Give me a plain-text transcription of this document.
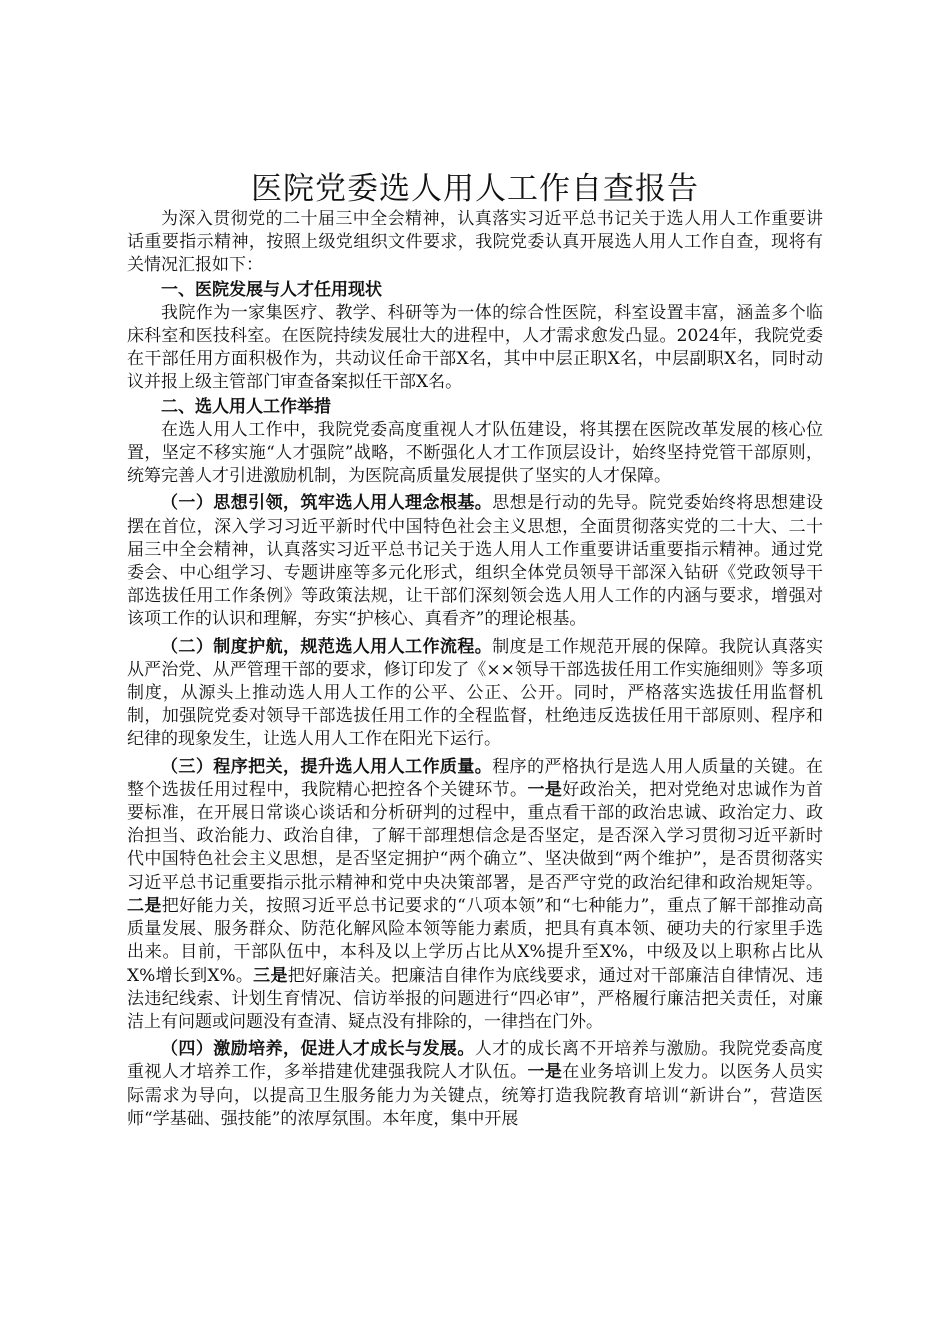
医院党委选人用人工作自查报告

为深入贯彻党的二十届三中全会精神，认真落实习近平总书记关于选人用人工作重要讲话重要指示精神，按照上级党组织文件要求，我院党委认真开展选人用人工作自查，现将有关情况汇报如下：

一、医院发展与人才任用现状

我院作为一家集医疗、教学、科研等为一体的综合性医院，科室设置丰富，涵盖多个临床科室和医技科室。在医院持续发展壮大的进程中，人才需求愈发凸显。2024年，我院党委在干部任用方面积极作为，共动议任命干部X名，其中中层正职X名，中层副职X名，同时动议并报上级主管部门审查备案拟任干部X名。

二、选人用人工作举措

在选人用人工作中，我院党委高度重视人才队伍建设，将其摆在医院改革发展的核心位置，坚定不移实施“人才强院”战略，不断强化人才工作顶层设计，始终坚持党管干部原则，统筹完善人才引进激励机制，为医院高质量发展提供了坚实的人才保障。

（一）思想引领，筑牢选人用人理念根基。思想是行动的先导。院党委始终将思想建设摆在首位，深入学习习近平新时代中国特色社会主义思想，全面贯彻落实党的二十大、二十届三中全会精神，认真落实习近平总书记关于选人用人工作重要讲话重要指示精神。通过党委会、中心组学习、专题讲座等多元化形式，组织全体党员领导干部深入钻研《党政领导干部选拔任用工作条例》等政策法规，让干部们深刻领会选人用人工作的内涵与要求，增强对该项工作的认识和理解，夯实“护核心、真看齐”的理论根基。

（二）制度护航，规范选人用人工作流程。制度是工作规范开展的保障。我院认真落实从严治党、从严管理干部的要求，修订印发了《××领导干部选拔任用工作实施细则》等多项制度，从源头上推动选人用人工作的公平、公正、公开。同时，严格落实选拔任用监督机制，加强院党委对领导干部选拔任用工作的全程监督，杜绝违反选拔任用干部原则、程序和纪律的现象发生，让选人用人工作在阳光下运行。

（三）程序把关，提升选人用人工作质量。程序的严格执行是选人用人质量的关键。在整个选拔任用过程中，我院精心把控各个关键环节。一是好政治关，把对党绝对忠诚作为首要标准，在开展日常谈心谈话和分析研判的过程中，重点看干部的政治忠诚、政治定力、政治担当、政治能力、政治自律，了解干部理想信念是否坚定，是否深入学习贯彻习近平新时代中国特色社会主义思想，是否坚定拥护“两个确立”、坚决做到“两个维护”，是否贯彻落实习近平总书记重要指示批示精神和党中央决策部署，是否严守党的政治纪律和政治规矩等。二是把好能力关，按照习近平总书记要求的“八项本领”和“七种能力”，重点了解干部推动高质量发展、服务群众、防范化解风险本领等能力素质，把具有真本领、硬功夫的行家里手选出来。目前，干部队伍中，本科及以上学历占比从X%提升至X%，中级及以上职称占比从X%增长到X%。三是把好廉洁关。把廉洁自律作为底线要求，通过对干部廉洁自律情况、违法违纪线索、计划生育情况、信访举报的问题进行“四必审”，严格履行廉洁把关责任，对廉洁上有问题或问题没有查清、疑点没有排除的，一律挡在门外。

（四）激励培养，促进人才成长与发展。人才的成长离不开培养与激励。我院党委高度重视人才培养工作，多举措建优建强我院人才队伍。一是在业务培训上发力。以医务人员实际需求为导向，以提高卫生服务能力为关键点，统筹打造我院教育培训“新讲台”，营造医师“学基础、强技能”的浓厚氛围。本年度，集中开展
